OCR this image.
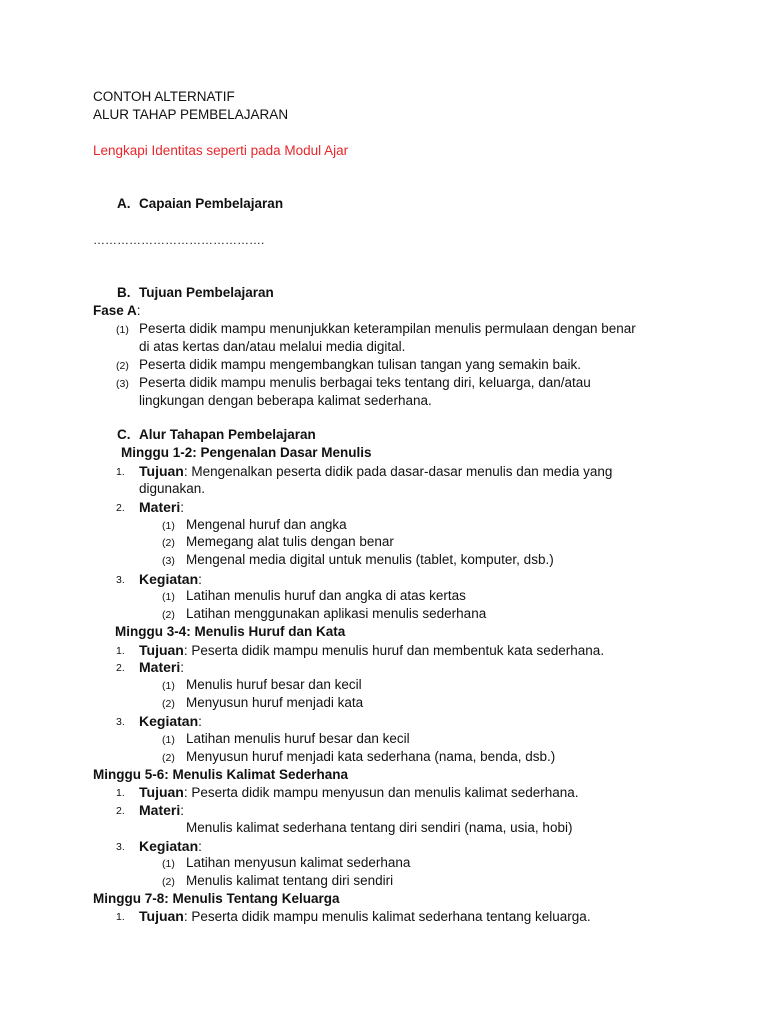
CONTOH ALTERNATIF
ALUR TAHAP PEMBELAJARAN
Lengkapi Identitas seperti pada Modul Ajar
A. Capaian Pembelajaran
…………………………………….
B. Tujuan Pembelajaran
Fase A:
(1) Peserta didik mampu menunjukkan keterampilan menulis permulaan dengan benar
di atas kertas dan/atau melalui media digital.
(2) Peserta didik mampu mengembangkan tulisan tangan yang semakin baik.
(3) Peserta didik mampu menulis berbagai teks tentang diri, keluarga, dan/atau
lingkungan dengan beberapa kalimat sederhana.
C. Alur Tahapan Pembelajaran
Minggu 1-2: Pengenalan Dasar Menulis
1. Tujuan: Mengenalkan peserta didik pada dasar-dasar menulis dan media yang
digunakan.
2. Materi:
(1) Mengenal huruf dan angka
(2) Memegang alat tulis dengan benar
(3) Mengenal media digital untuk menulis (tablet, komputer, dsb.)
3. Kegiatan:
(1) Latihan menulis huruf dan angka di atas kertas
(2) Latihan menggunakan aplikasi menulis sederhana
Minggu 3-4: Menulis Huruf dan Kata
1. Tujuan: Peserta didik mampu menulis huruf dan membentuk kata sederhana.
2. Materi:
(1) Menulis huruf besar dan kecil
(2) Menyusun huruf menjadi kata
3. Kegiatan:
(1) Latihan menulis huruf besar dan kecil
(2) Menyusun huruf menjadi kata sederhana (nama, benda, dsb.)
Minggu 5-6: Menulis Kalimat Sederhana
1. Tujuan: Peserta didik mampu menyusun dan menulis kalimat sederhana.
2. Materi:
Menulis kalimat sederhana tentang diri sendiri (nama, usia, hobi)
3. Kegiatan:
(1) Latihan menyusun kalimat sederhana
(2) Menulis kalimat tentang diri sendiri
Minggu 7-8: Menulis Tentang Keluarga
1. Tujuan: Peserta didik mampu menulis kalimat sederhana tentang keluarga.
